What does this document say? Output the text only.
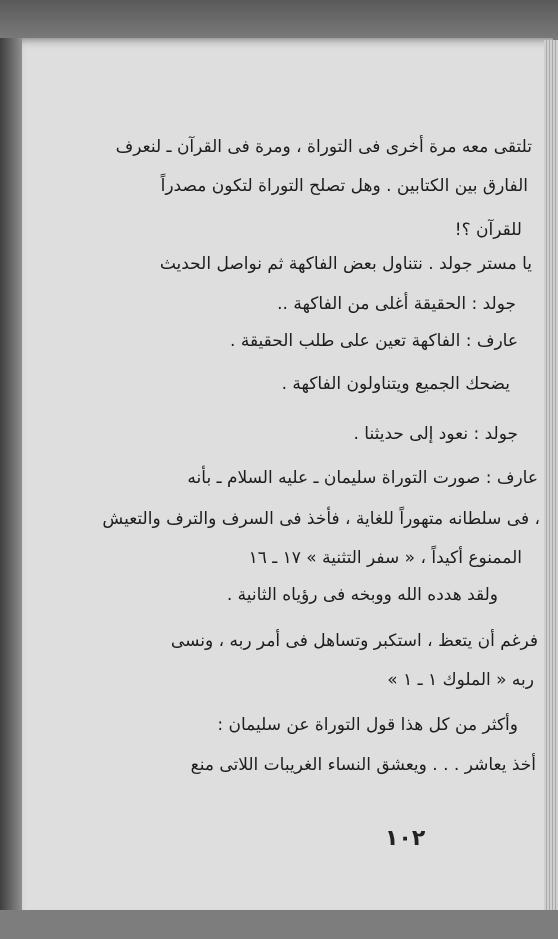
تلتقى معه مرة أخرى فى التوراة ، ومرة فى القرآن ـ لنعرف
الفارق بين الكتابين . وهل تصلح التوراة لتكون مصدراً
للقرآن ؟!
يا مستر جولد . نتناول بعض الفاكهة ثم نواصل الحديث
جولد : الحقيقة أغلى من الفاكهة ..
عارف : الفاكهة تعين على طلب الحقيقة .
يضحك الجميع ويتناولون الفاكهة .
جولد : نعود إلى حديثنا .
عارف : صورت التوراة سليمان ـ عليه السلام ـ بأنه
، فى سلطانه متهوراً للغاية ، فأخذ فى السرف والترف والتعيش
الممنوع أكيداً ، « سفر التثنية » ١٧ ـ ١٦
ولقد هدده الله ووبخه فى رؤياه الثانية .
فرغم أن يتعظ ، استكبر وتساهل فى أمر ربه ، ونسى
ربه « الملوك ١ ـ ١ »
وأكثر من كل هذا قول التوراة عن سليمان :
أخذ يعاشر . . . ويعشق النساء الغريبات اللاتى منع
١٠٢
